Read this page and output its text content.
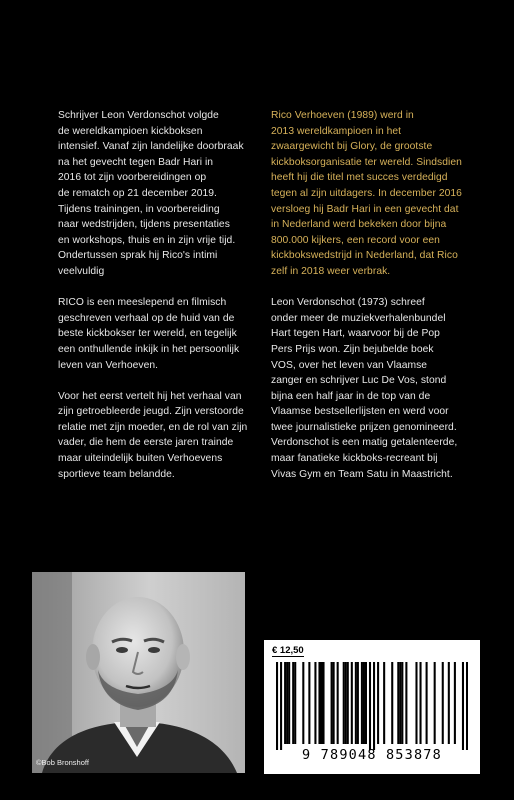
Schrijver Leon Verdonschot volgde
de wereldkampioen kickboksen
intensief. Vanaf zijn landelijke doorbraak
na het gevecht tegen Badr Hari in
2016 tot zijn voorbereidingen op
de rematch op 21 december 2019.
Tijdens trainingen, in voorbereiding
naar wedstrijden, tijdens presentaties
en workshops, thuis en in zijn vrije tijd.
Ondertussen sprak hij Rico's intimi
veelvuldig

RICO is een meeslepend en filmisch
geschreven verhaal op de huid van de
beste kickbokser ter wereld, en tegelijk
een onthullende inkijk in het persoonlijk
leven van Verhoeven.

Voor het eerst vertelt hij het verhaal van
zijn getroebleerde jeugd. Zijn verstoorde
relatie met zijn moeder, en de rol van zijn
vader, die hem de eerste jaren trainde
maar uiteindelijk buiten Verhoevens
sportieve team belandde.

Rico Verhoeven (1989) werd in
2013 wereldkampioen in het
zwaargewicht bij Glory, de grootste
kickboksorganisatie ter wereld. Sindsdien
heeft hij die titel met succes verdedigd
tegen al zijn uitdagers. In december 2016
versloeg hij Badr Hari in een gevecht dat
in Nederland werd bekeken door bijna
800.000 kijkers, een record voor een
kickbokswedstrijd in Nederland, dat Rico
zelf in 2018 weer verbrak.

Leon Verdonschot (1973) schreef
onder meer de muziekverhalenbundel
Hart tegen Hart, waarvoor bij de Pop
Pers Prijs won. Zijn bejubelde boek
VOS, over het leven van Vlaamse
zanger en schrijver Luc De Vos, stond
bijna een half jaar in de top van de
Vlaamse bestsellerlijsten en werd voor
twee journalistieke prijzen genomineerd.
Verdonschot is een matig getalenteerde,
maar fanatieke kickboks-recreant bij
Vivas Gym en Team Satu in Maastricht.

©Bob Bronshoff
€ 12,50
9 789048 853878
